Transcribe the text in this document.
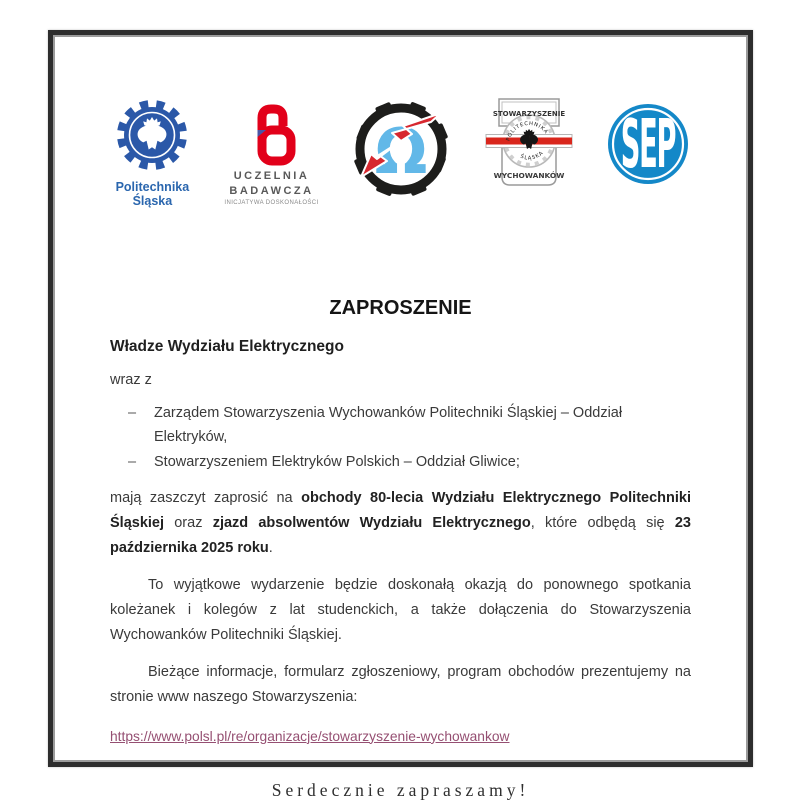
Politechnika
Śląska
UCZELNIA
BADAWCZA
INICJATYWA DOSKONAŁOŚCI
Ω
STOWARZYSZENIE
POLITECHNIKA
ŚLĄSKA
WYCHOWANKÓW SEP
ZAPROSZENIE
Władze Wydziału Elektrycznego
wraz z
–	Zarządem Stowarzyszenia Wychowanków Politechniki Śląskiej – Oddział Elektryków,
–	Stowarzyszeniem Elektryków Polskich – Oddział Gliwice;

mają zaszczyt zaprosić na obchody 80-lecia Wydziału Elektrycznego Politechniki Śląskiej oraz zjazd absolwentów Wydziału Elektrycznego, które odbędą się 23 października 2025 roku.

To wyjątkowe wydarzenie będzie doskonałą okazją do ponownego spotkania koleżanek i kolegów z lat studenckich, a także dołączenia do Stowarzyszenia Wychowanków Politechniki Śląskiej.

Bieżące informacje, formularz zgłoszeniowy, program obchodów prezentujemy na stronie www naszego Stowarzyszenia:

https://www.polsl.pl/re/organizacje/stowarzyszenie-wychowankow
Serdecznie zapraszamy!
